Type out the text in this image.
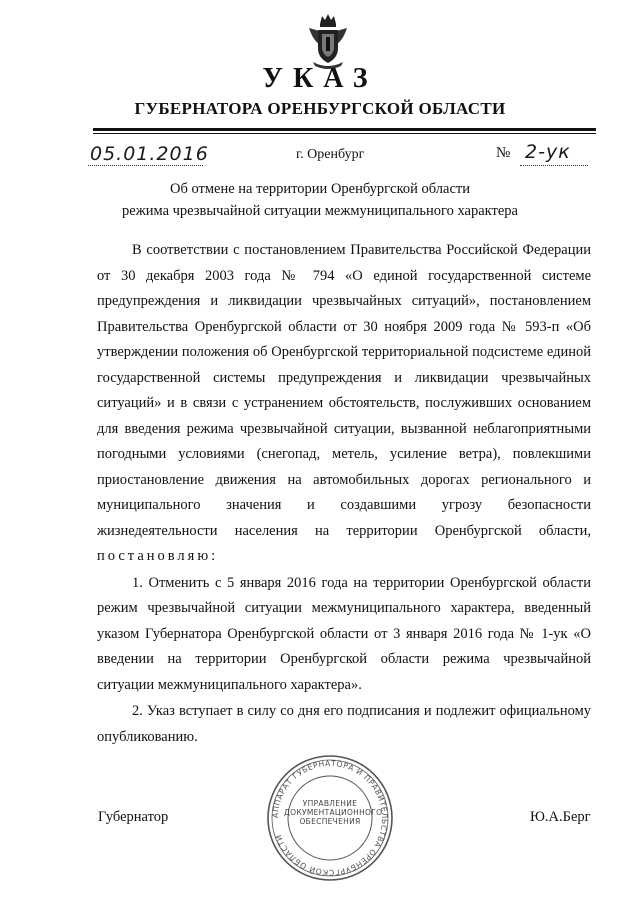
УКАЗ
ГУБЕРНАТОРА ОРЕНБУРГСКОЙ ОБЛАСТИ
05.01.2016	г. Оренбург	№ 2-ук
Об отмене на территории Оренбургской области
режима чрезвычайной ситуации межмуниципального характера

В соответствии с постановлением Правительства Российской Федерации от 30 декабря 2003 года № 794 «О единой государственной системе предупреждения и ликвидации чрезвычайных ситуаций», постановлением Правительства Оренбургской области от 30 ноября 2009 года № 593-п «Об утверждении положения об Оренбургской территориальной подсистеме единой государственной системы предупреждения и ликвидации чрезвычайных ситуаций» и в связи с устранением обстоятельств, послуживших основанием для введения режима чрезвычайной ситуации, вызванной неблагоприятными погодными условиями (снегопад, метель, усиление ветра), повлекшими приостановление движения на автомобильных дорогах регионального и муниципального значения и создавшими угрозу безопасности жизнедеятельности населения на территории Оренбургской области, постановляю:

1. Отменить с 5 января 2016 года на территории Оренбургской области режим чрезвычайной ситуации межмуниципального характера, введенный указом Губернатора Оренбургской области от 3 января 2016 года № 1-ук «О введении на территории Оренбургской области режима чрезвычайной ситуации межмуниципального характера».

2. Указ вступает в силу со дня его подписания и подлежит официальному опубликованию.

Губернатор	Ю.А.Берг
АППАРАТ ГУБЕРНАТОРА И ПРАВИТЕЛЬСТВА ОРЕНБУРГСКОЙ ОБЛАСТИ
УПРАВЛЕНИЕ
ДОКУМЕНТАЦИОННОГО
ОБЕСПЕЧЕНИЯ
